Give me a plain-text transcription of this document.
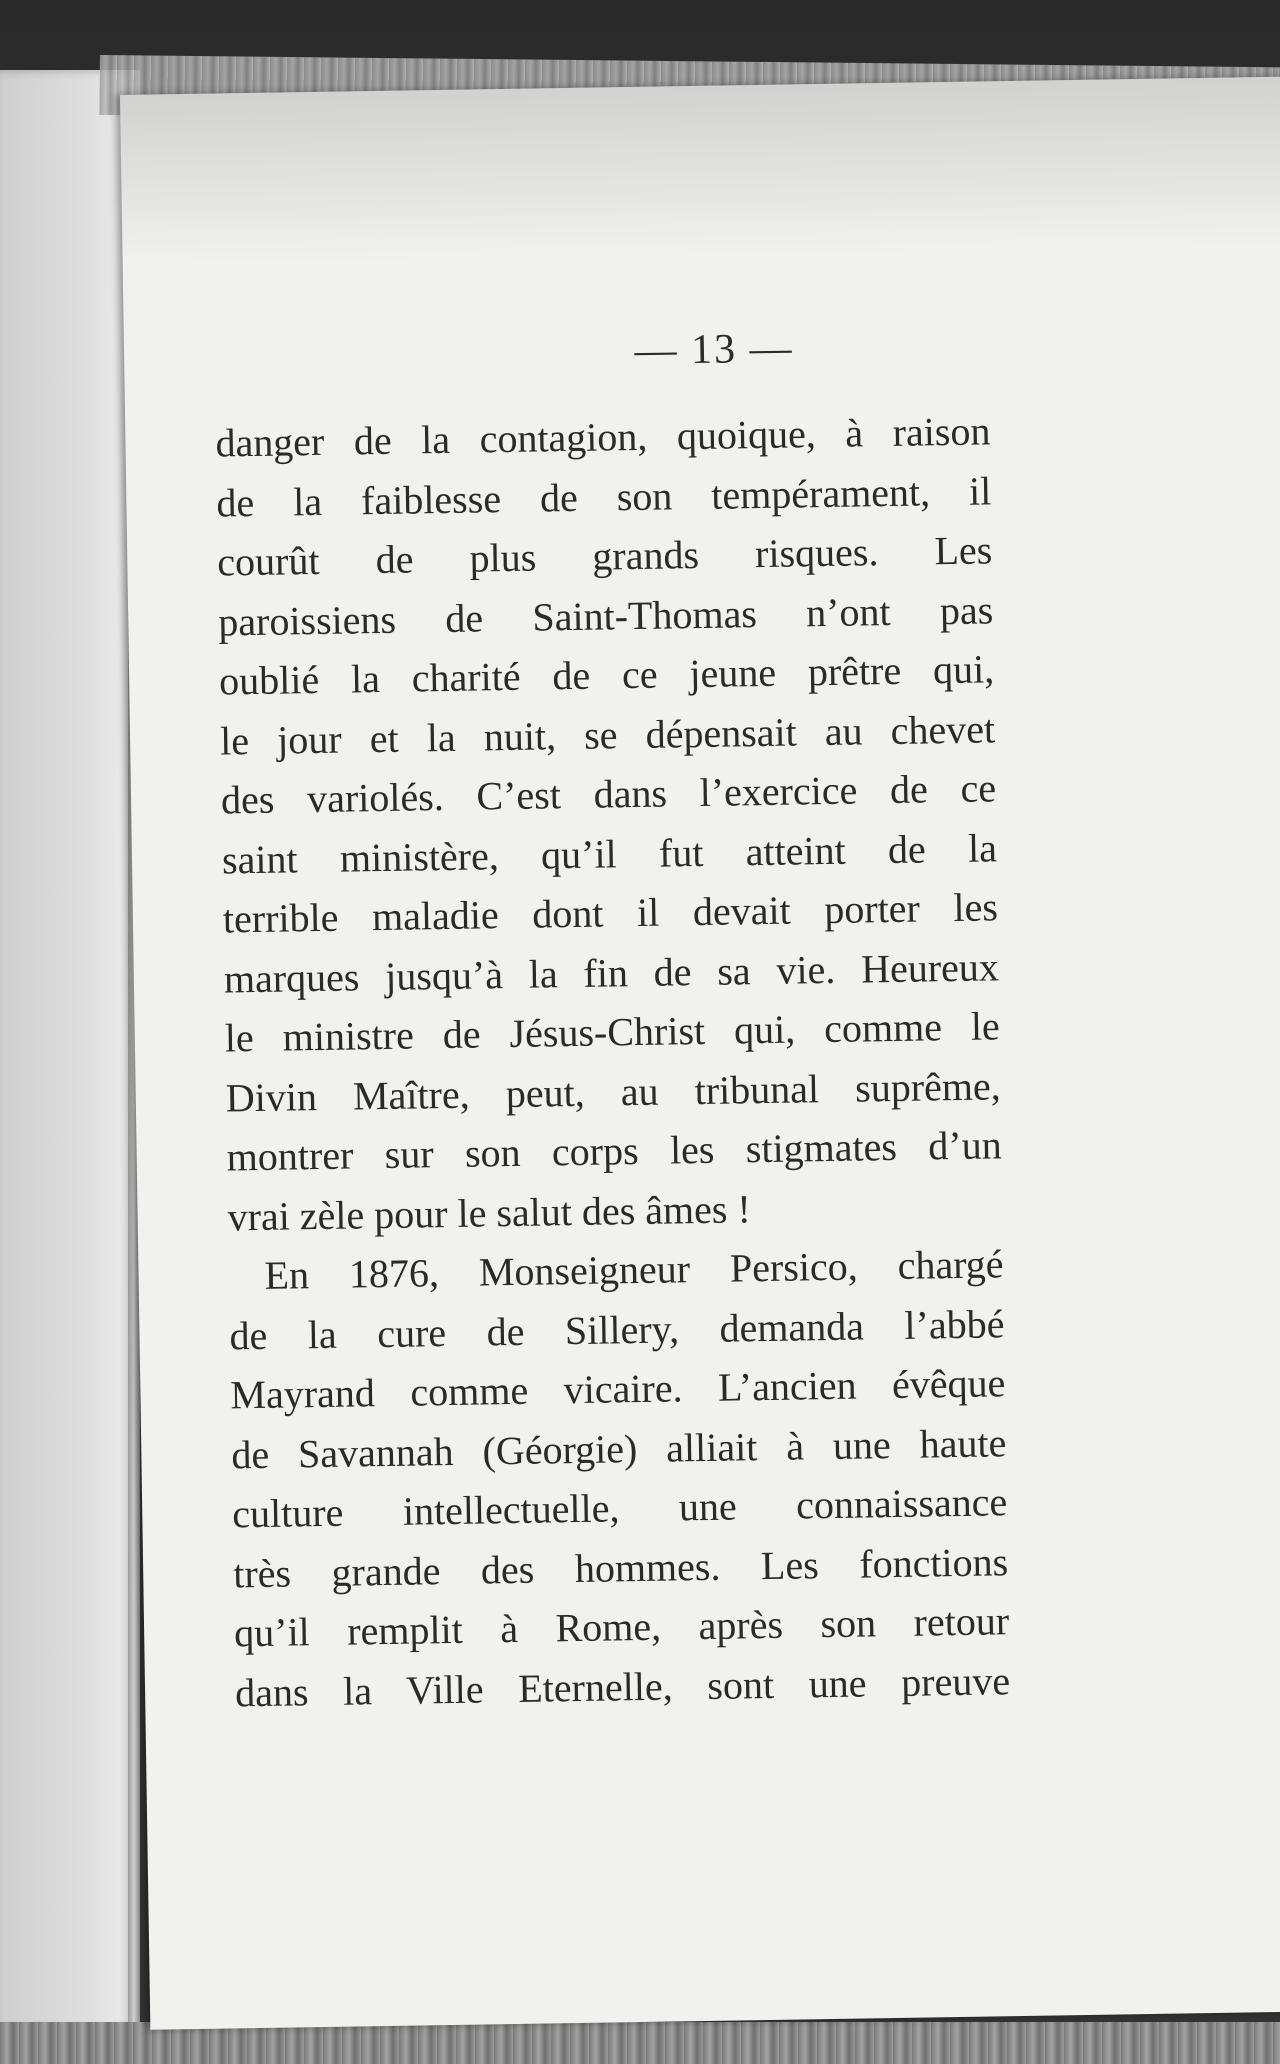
— 13 —

danger de la contagion, quoique, à raison
de la faiblesse de son tempérament, il
courût de plus grands risques. Les
paroissiens de Saint-Thomas n’ont pas
oublié la charité de ce jeune prêtre qui,
le jour et la nuit, se dépensait au chevet
des variolés. C’est dans l’exercice de ce
saint ministère, qu’il fut atteint de la
terrible maladie dont il devait porter les
marques jusqu’à la fin de sa vie. Heureux
le ministre de Jésus-Christ qui, comme le
Divin Maître, peut, au tribunal suprême,
montrer sur son corps les stigmates d’un
vrai zèle pour le salut des âmes !
En 1876, Monseigneur Persico, chargé
de la cure de Sillery, demanda l’abbé
Mayrand comme vicaire. L’ancien évêque
de Savannah (Géorgie) alliait à une haute
culture intellectuelle, une connaissance
très grande des hommes. Les fonctions
qu’il remplit à Rome, après son retour
dans la Ville Eternelle, sont une preuve
